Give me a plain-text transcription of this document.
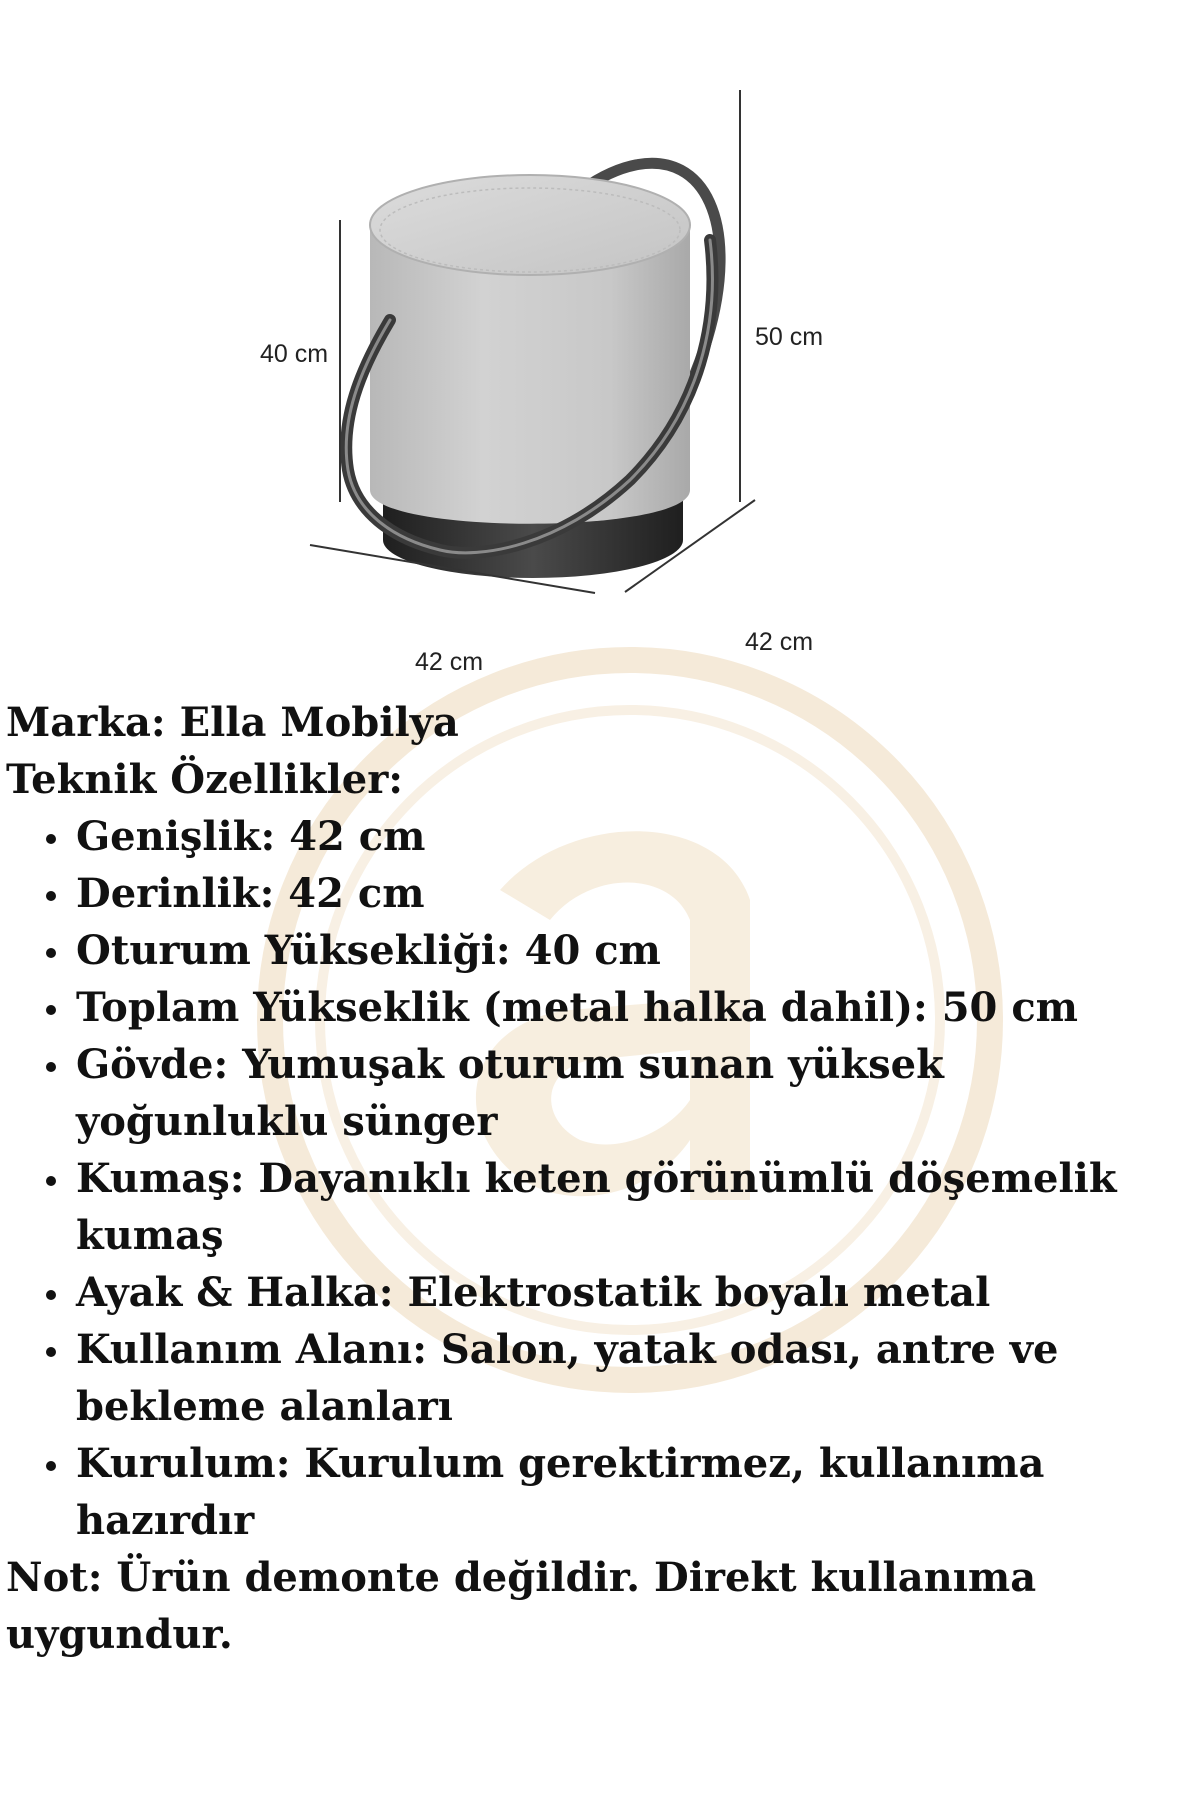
40 cm
50 cm
42 cm
42 cm

Marka: Ella Mobilya

Teknik Özellikler:

Genişlik: 42 cm
Derinlik: 42 cm
Oturum Yüksekliği: 40 cm
Toplam Yükseklik (metal halka dahil): 50 cm
Gövde: Yumuşak oturum sunan yüksek yoğunluklu sünger
Kumaş: Dayanıklı keten görünümlü döşemelik kumaş
Ayak & Halka: Elektrostatik boyalı metal
Kullanım Alanı: Salon, yatak odası, antre ve bekleme alanları
Kurulum: Kurulum gerektirmez, kullanıma hazırdır

Not: Ürün demonte değildir. Direkt kullanıma uygundur.
